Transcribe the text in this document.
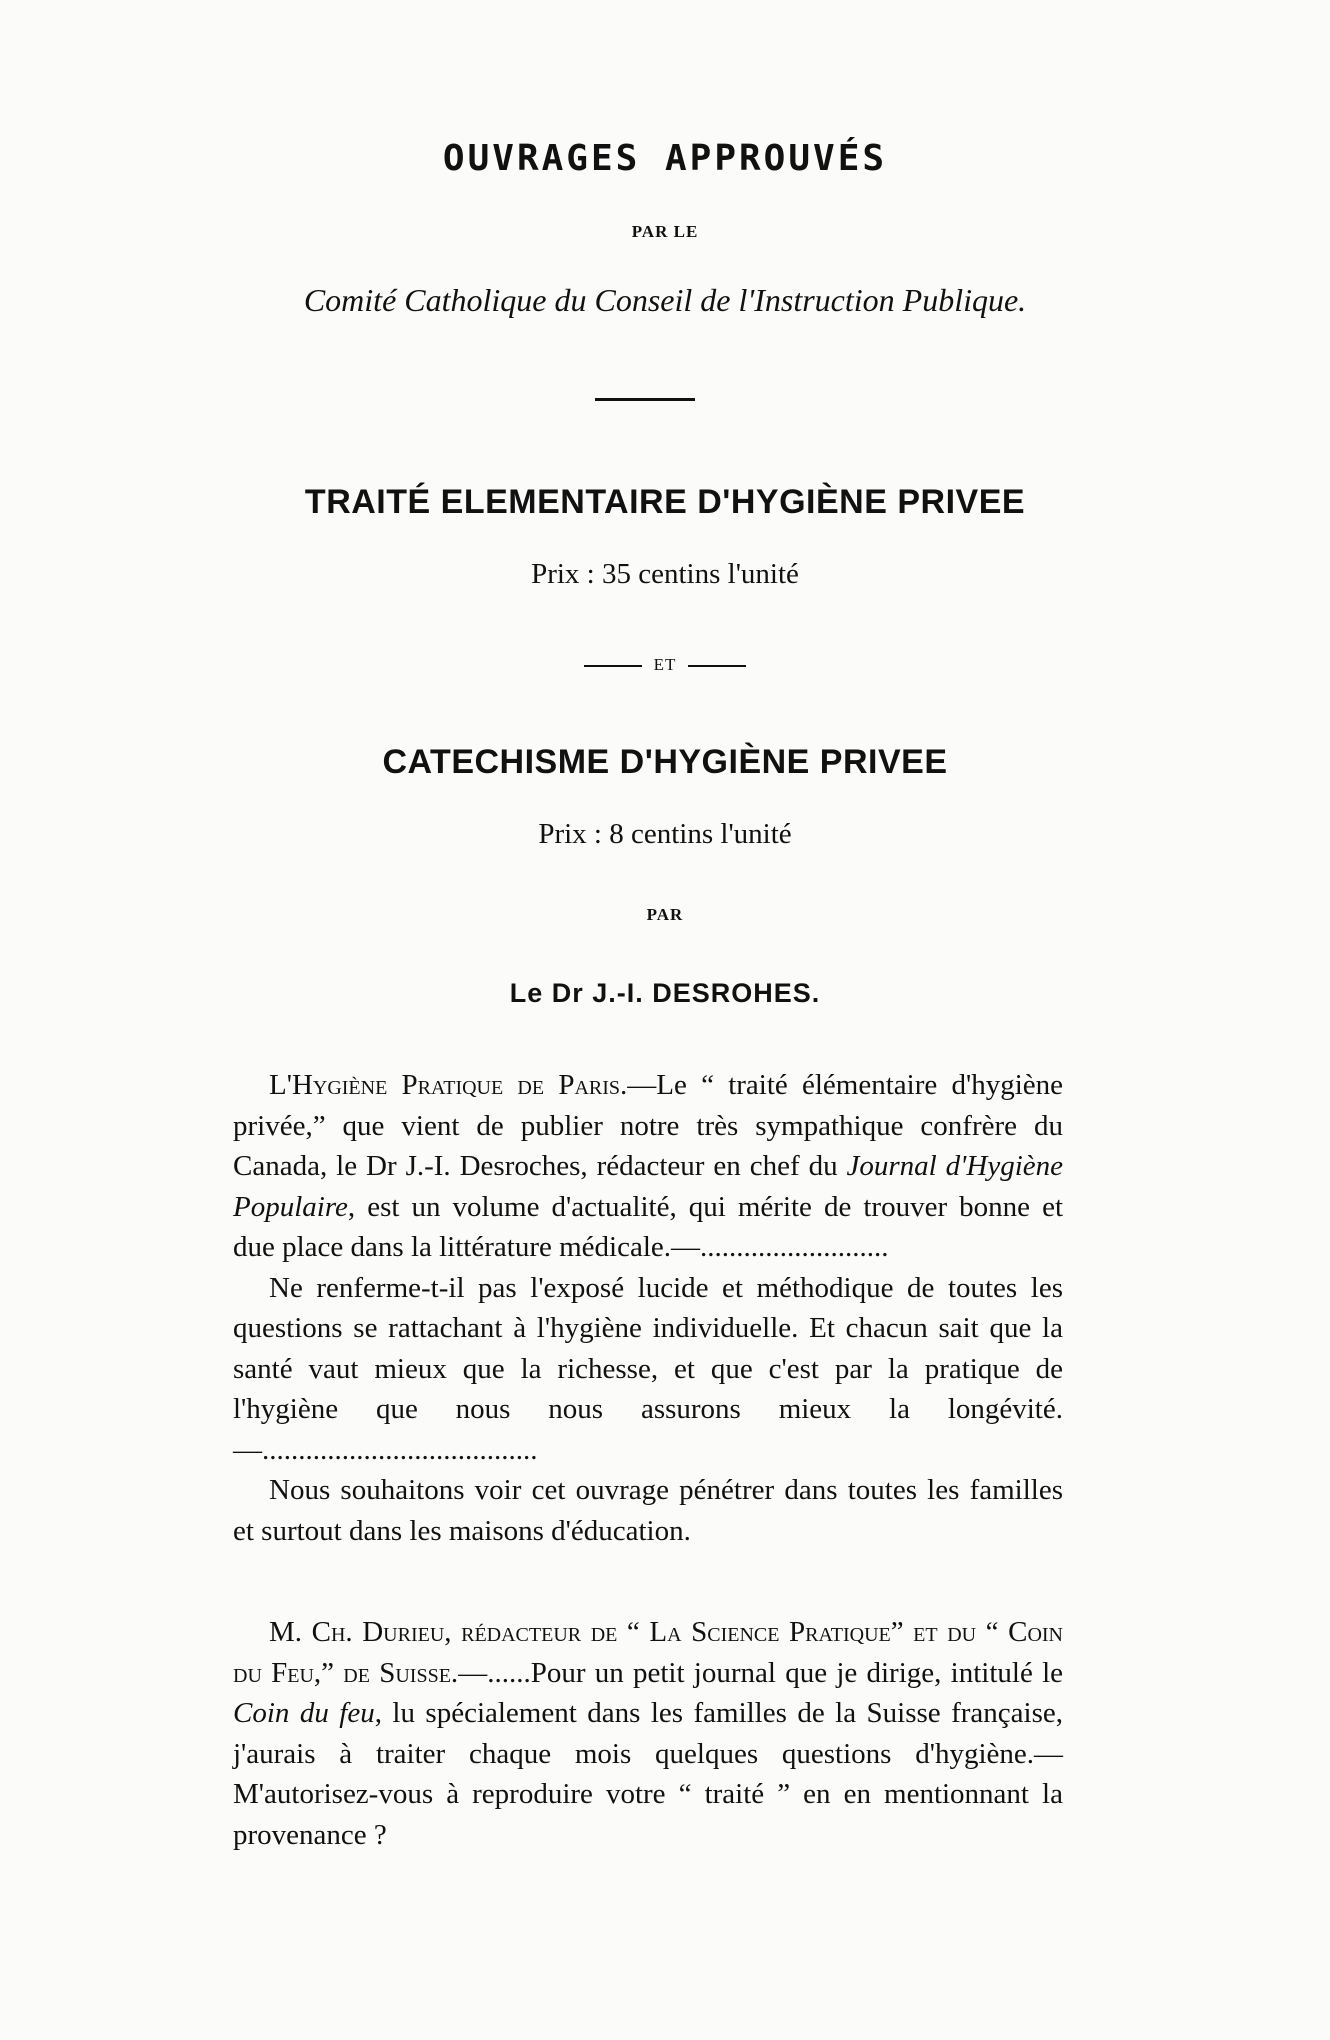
OUVRAGES APPROUVÉS
PAR LE
Comité Catholique du Conseil de l'Instruction Publique.
TRAITÉ ELEMENTAIRE D'HYGIÈNE PRIVEE
Prix : 35 centins l'unité
ET
CATECHISME D'HYGIÈNE PRIVEE
Prix : 8 centins l'unité
PAR
Le Dr J.-I. DESROHES.

L'Hygiène Pratique de Paris.—Le “ traité élémentaire d'hygiène privée,” que vient de publier notre très sympathique confrère du Canada, le Dr J.-I. Desroches, rédacteur en chef du Journal d'Hygiène Populaire, est un volume d'actualité, qui mérite de trouver bonne et due place dans la littérature médicale.—..........................

Ne renferme-t-il pas l'exposé lucide et méthodique de toutes les questions se rattachant à l'hygiène individuelle. Et chacun sait que la santé vaut mieux que la richesse, et que c'est par la pratique de l'hygiène que nous nous assurons mieux la longévité.—......................................

Nous souhaitons voir cet ouvrage pénétrer dans toutes les familles et surtout dans les maisons d'éducation.

M. Ch. Durieu, rédacteur de “ La Science Pratique” et du “ Coin du Feu,” de Suisse.—......Pour un petit journal que je dirige, intitulé le Coin du feu, lu spécialement dans les familles de la Suisse française, j'aurais à traiter chaque mois quelques questions d'hygiène.— M'autorisez-vous à reproduire votre “ traité ” en en mentionnant la provenance ?
